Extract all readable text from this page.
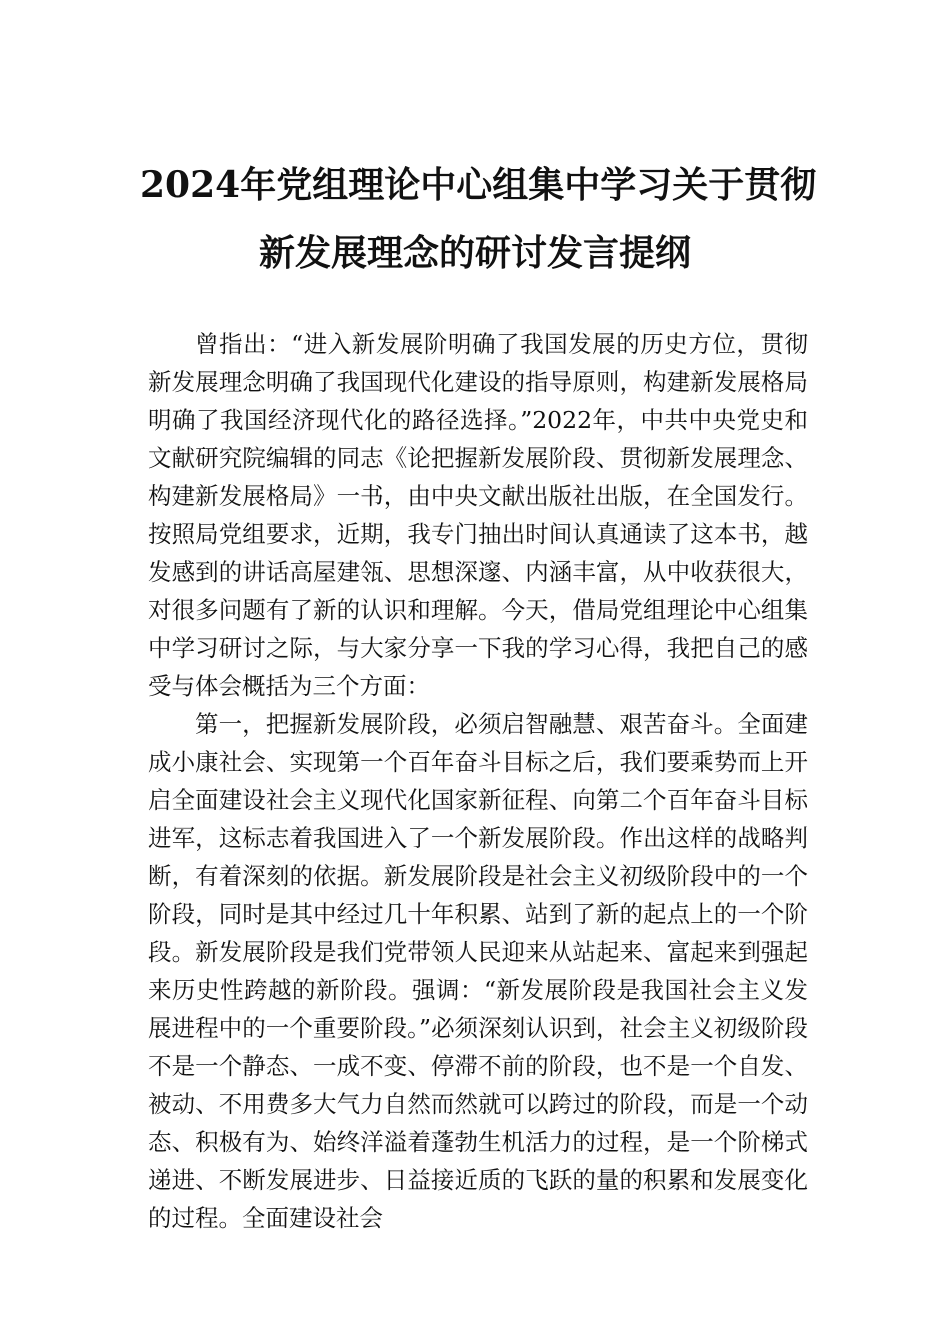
2024年党组理论中心组集中学习关于贯彻
新发展理念的研讨发言提纲

曾指出：“进入新发展阶明确了我国发展的历史方位，贯彻新发展理念明确了我国现代化建设的指导原则，构建新发展格局明确了我国经济现代化的路径选择。”2022年，中共中央党史和文献研究院编辑的同志《论把握新发展阶段、贯彻新发展理念、构建新发展格局》一书，由中央文献出版社出版，在全国发行。按照局党组要求，近期，我专门抽出时间认真通读了这本书，越发感到的讲话高屋建瓴、思想深邃、内涵丰富，从中收获很大，对很多问题有了新的认识和理解。今天，借局党组理论中心组集中学习研讨之际，与大家分享一下我的学习心得，我把自己的感受与体会概括为三个方面：

第一，把握新发展阶段，必须启智融慧、艰苦奋斗。全面建成小康社会、实现第一个百年奋斗目标之后，我们要乘势而上开启全面建设社会主义现代化国家新征程、向第二个百年奋斗目标进军，这标志着我国进入了一个新发展阶段。作出这样的战略判断，有着深刻的依据。新发展阶段是社会主义初级阶段中的一个阶段，同时是其中经过几十年积累、站到了新的起点上的一个阶段。新发展阶段是我们党带领人民迎来从站起来、富起来到强起来历史性跨越的新阶段。强调：“新发展阶段是我国社会主义发展进程中的一个重要阶段。”必须深刻认识到，社会主义初级阶段不是一个静态、一成不变、停滞不前的阶段，也不是一个自发、被动、不用费多大气力自然而然就可以跨过的阶段，而是一个动态、积极有为、始终洋溢着蓬勃生机活力的过程，是一个阶梯式递进、不断发展进步、日益接近质的飞跃的量的积累和发展变化的过程。全面建设社会
